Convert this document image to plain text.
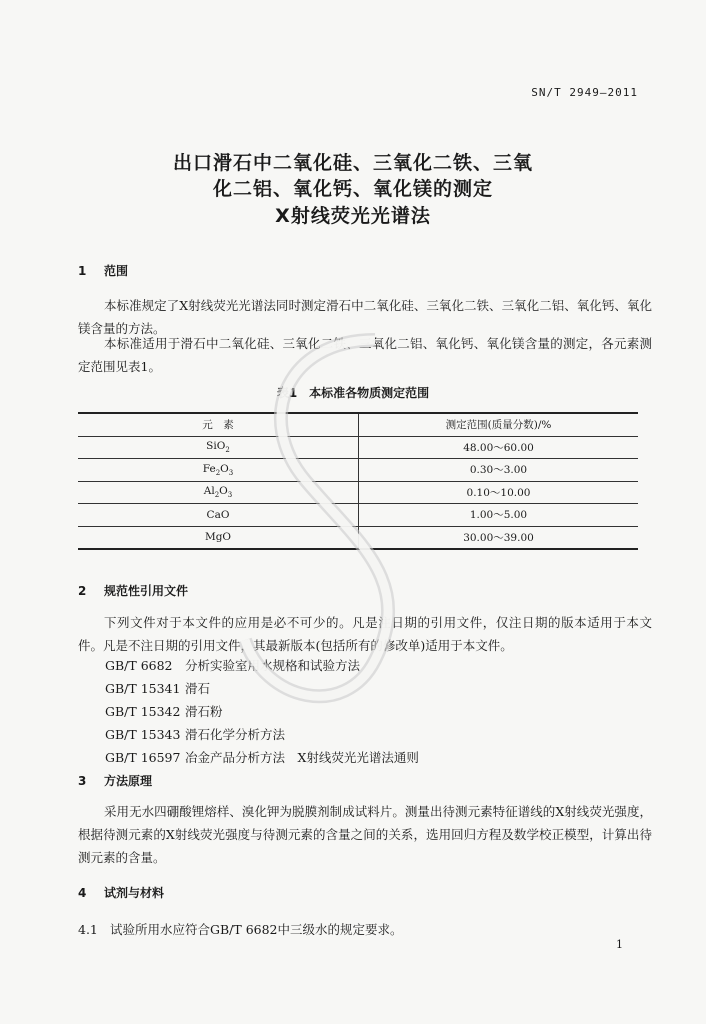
SN/T 2949—2011
出口滑石中二氧化硅、三氧化二铁、三氧
化二铝、氧化钙、氧化镁的测定
X射线荧光光谱法
1 范围
本标准规定了X射线荧光光谱法同时测定滑石中二氧化硅、三氧化二铁、三氧化二铝、氧化钙、氧化镁含量的方法。
本标准适用于滑石中二氧化硅、三氧化二铁、三氧化二铝、氧化钙、氧化镁含量的测定，各元素测定范围见表1。
表1　本标准各物质测定范围
元　素	测定范围(质量分数)/%
SiO$_2$	48.00～60.00
$Fe_2O_3$	0.30～3.00
$Al_2O_3$	0.10～10.00
CaO	1.00～5.00
MgO	30.00～39.00
2 规范性引用文件
下列文件对于本文件的应用是必不可少的。凡是注日期的引用文件，仅注日期的版本适用于本文件。凡是不注日期的引用文件，其最新版本(包括所有的修改单)适用于本文件。
GB/T 6682 分析实验室用水规格和试验方法
GB/T 15341 滑石
GB/T 15342 滑石粉
GB/T 15343 滑石化学分析方法
GB/T 16597 冶金产品分析方法　X射线荧光光谱法通则
3 方法原理
采用无水四硼酸锂熔样、溴化钾为脱膜剂制成试料片。测量出待测元素特征谱线的X射线荧光强度，根据待测元素的X射线荧光强度与待测元素的含量之间的关系，选用回归方程及数学校正模型，计算出待测元素的含量。
4 试剂与材料
4.1 试验所用水应符合GB/T 6682中三级水的规定要求。
1
